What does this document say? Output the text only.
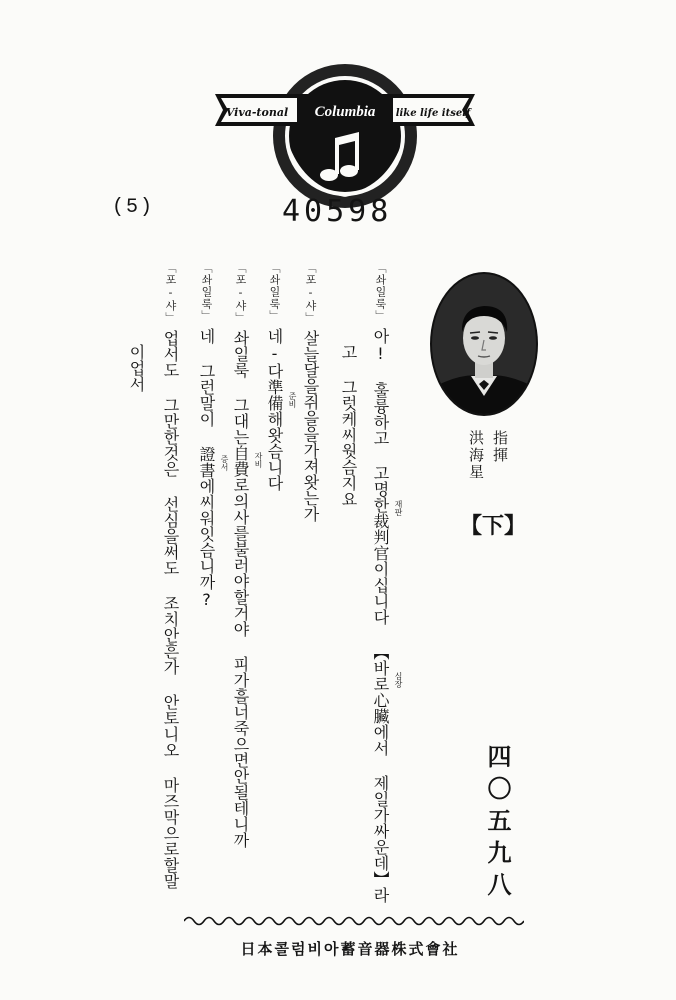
Viva-tonal Columbia like life itself
(5)	40598
「솨일룩」아! 훌륭하고 고명한裁判官이십니다 【바로心臟에서 제일가싸운데】라 재판
심장
고 그럿케씨웟슴지요
「포-샤」살늘달을쥐을을가져왓는가
「솨일룩」네-다準備해왓슴니다 준비
「포-샤」솨일룩 그대는自費로의사를불러야할거야 피가흘너죽으면안될테니까 자비
「솨일룩」네 그런말이 證書에씨워잇슴니까? 증서
「포-샤」업서도 그만한것은 선심을써도 조치안흔가 안토니오 마즈막으로할말
이업서
指揮
洪海星
【下】
四〇五九八
日本콜럼비아蓄音器株式會社
